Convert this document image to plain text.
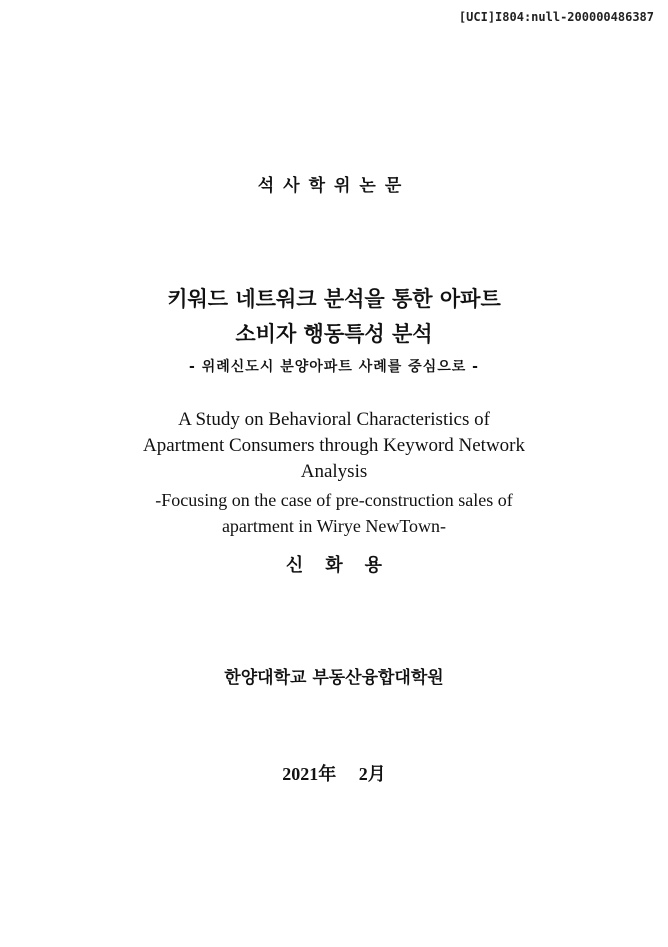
[UCI]I804:null-200000486387
석사학위논문
키워드 네트워크 분석을 통한 아파트
소비자 행동특성 분석
- 위례신도시 분양아파트 사례를 중심으로 -
A Study on Behavioral Characteristics of
Apartment Consumers through Keyword Network
Analysis
-Focusing on the case of pre-construction sales of
apartment in Wirye NewTown-
신화용
한양대학교 부동산융합대학원
2021年 2月
